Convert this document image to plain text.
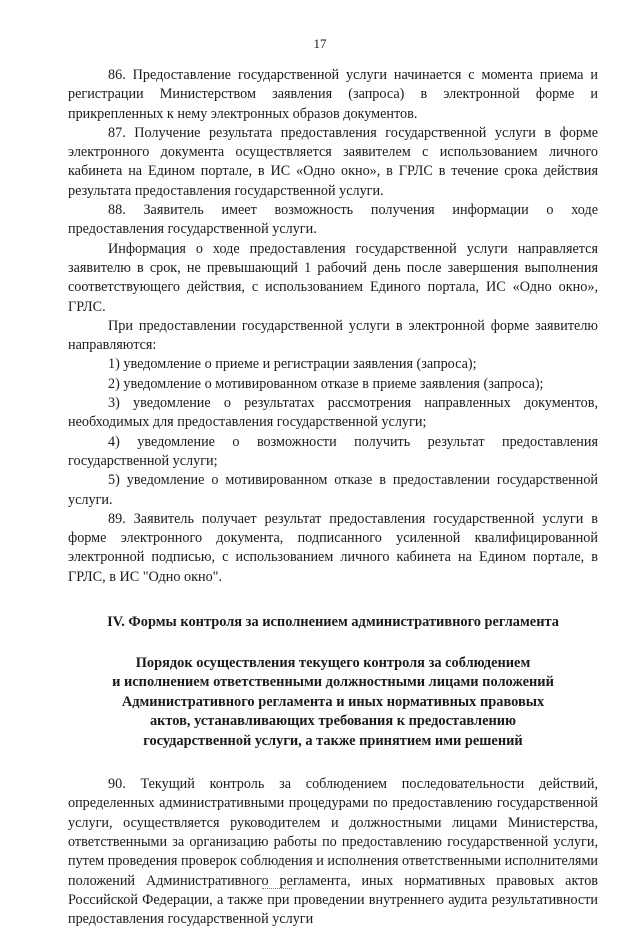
17

86. Предоставление государственной услуги начинается с момента приема и регистрации Министерством заявления (запроса) в электронной форме и прикрепленных к нему электронных образов документов.

87. Получение результата предоставления государственной услуги в форме электронного документа осуществляется заявителем с использованием личного кабинета на Едином портале, в ИС «Одно окно», в ГРЛС в течение срока действия результата предоставления государственной услуги.

88. Заявитель имеет возможность получения информации о ходе предоставления государственной услуги.

Информация о ходе предоставления государственной услуги направляется заявителю в срок, не превышающий 1 рабочий день после завершения выполнения соответствующего действия, с использованием Единого портала, ИС «Одно окно», ГРЛС.

При предоставлении государственной услуги в электронной форме заявителю направляются:

1) уведомление о приеме и регистрации заявления (запроса);

2) уведомление о мотивированном отказе в приеме заявления (запроса);

3) уведомление о результатах рассмотрения направленных документов, необходимых для предоставления государственной услуги;

4) уведомление о возможности получить результат предоставления государственной услуги;

5) уведомление о мотивированном отказе в предоставлении государственной услуги.

89. Заявитель получает результат предоставления государственной услуги в форме электронного документа, подписанного усиленной квалифицированной электронной подписью, с использованием личного кабинета на Едином портале, в ГРЛС, в ИС "Одно окно".

IV. Формы контроля за исполнением административного регламента
Порядок осуществления текущего контроля за соблюдением
и исполнением ответственными должностными лицами положений
Административного регламента и иных нормативных правовых
актов, устанавливающих требования к предоставлению
государственной услуги, а также принятием ими решений

90. Текущий контроль за соблюдением последовательности действий, определенных административными процедурами по предоставлению государственной услуги, осуществляется руководителем и должностными лицами Министерства, ответственными за организацию работы по предоставлению государственной услуги, путем проведения проверок соблюдения и исполнения ответственными исполнителями положений Административного регламента, иных нормативных правовых актов Российской Федерации, а также при проведении внутреннего аудита результативности предоставления государственной услуги
